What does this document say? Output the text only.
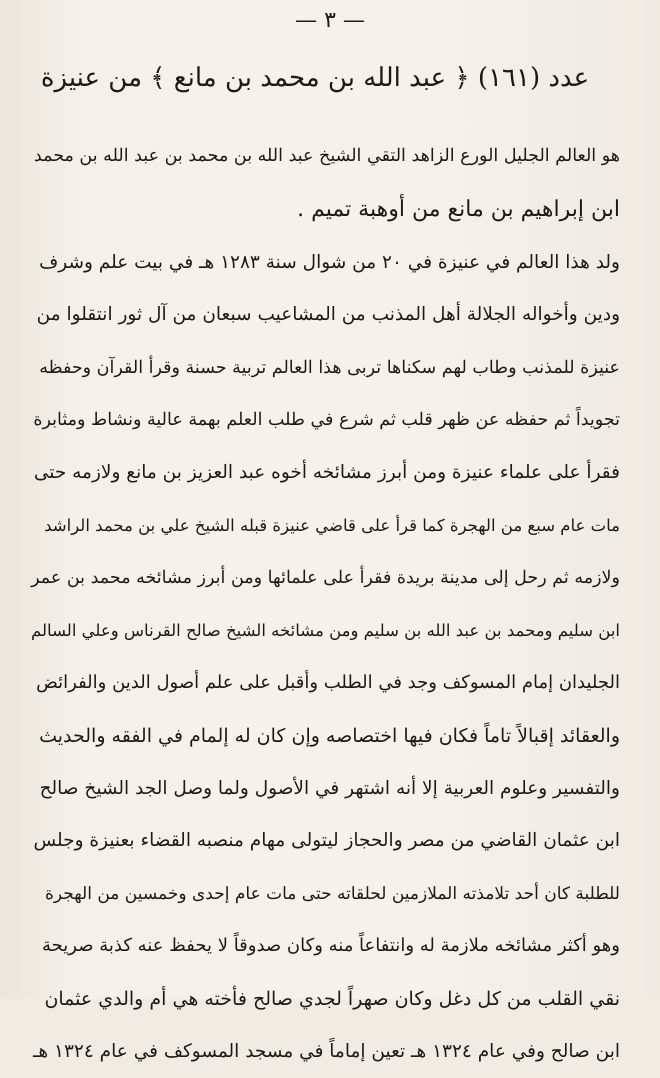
— ٣ —
عدد (١٦١) ﴿ عبد الله بن محمد بن مانع ﴾ من عنيزة
هو العالم الجليل الورع الزاهد التقي الشيخ عبد الله بن محمد بن عبد الله بن محمد
ابن إبراهيم بن مانع من أوهبة تميم .
ولد هذا العالم في عنيزة في ٢٠ من شوال سنة ١٢٨٣ هـ في بيت علم وشرف
ودين وأخواله الجلالة أهل المذنب من المشاعيب سبعان من آل ثور انتقلوا من
عنيزة للمذنب وطاب لهم سكناها تربى هذا العالم تربية حسنة وقرأ القرآن وحفظه
تجويداً ثم حفظه عن ظهر قلب ثم شرع في طلب العلم بهمة عالية ونشاط ومثابرة
فقرأ على علماء عنيزة ومن أبرز مشائخه أخوه عبد العزيز بن مانع ولازمه حتى
مات عام سبع من الهجرة كما قرأ على قاضي عنيزة قبله الشيخ علي بن محمد الراشد
ولازمه ثم رحل إلى مدينة بريدة فقرأ على علمائها ومن أبرز مشائخه محمد بن عمر
ابن سليم ومحمد بن عبد الله بن سليم ومن مشائخه الشيخ صالح القرناس وعلي السالم
الجليدان إمام المسوكف وجد في الطلب وأقبل على علم أصول الدين والفرائض
والعقائد إقبالاً تاماً فكان فيها اختصاصه وإن كان له إلمام في الفقه والحديث
والتفسير وعلوم العربية إلا أنه اشتهر في الأصول ولما وصل الجد الشيخ صالح
ابن عثمان القاضي من مصر والحجاز ليتولى مهام منصبه القضاء بعنيزة وجلس
للطلبة كان أحد تلامذته الملازمين لحلقاته حتى مات عام إحدى وخمسين من الهجرة
وهو أكثر مشائخه ملازمة له وانتفاعاً منه وكان صدوقاً لا يحفظ عنه كذبة صريحة
نقي القلب من كل دغل وكان صهراً لجدي صالح فأخته هي أم والدي عثمان
ابن صالح وفي عام ١٣٢٤ هـ تعين إماماً في مسجد المسوكف في عام ١٣٢٤ هـ
